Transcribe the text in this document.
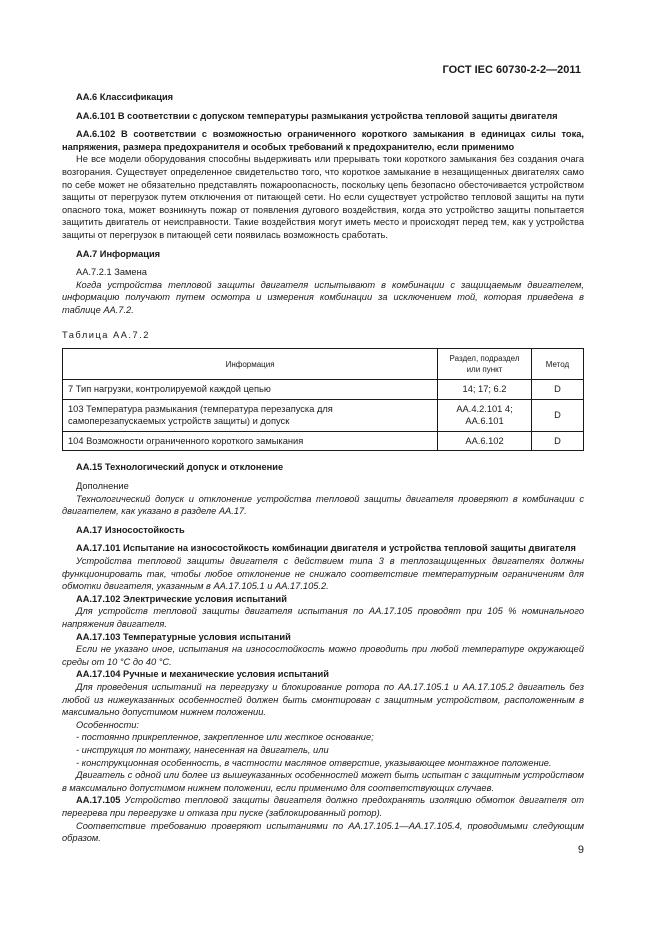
ГОСТ IEC 60730-2-2—2011

АА.6 Классификация

АА.6.101 В соответствии с допуском температуры размыкания устройства тепловой защиты двигателя

АА.6.102 В соответствии с возможностью ограниченного короткого замыкания в единицах силы тока, напряжения, размера предохранителя и особых требований к предохранителю, если применимо

Не все модели оборудования способны выдерживать или прерывать токи короткого замыкания без создания очага возгорания. Существует определенное свидетельство того, что короткое замыкание в незащищенных двигателях само по себе может не обязательно представлять пожароопасность, поскольку цепь безопасно обесточивается устройством защиты от перегрузок путем отключения от питающей сети. Но если существует устройство тепловой защиты на пути опасного тока, может возникнуть пожар от появления дугового воздействия, когда это устройство защиты попытается защитить двигатель от неисправности. Такие воздействия могут иметь место и происходят перед тем, как у устройства защиты от перегрузок в питающей сети появилась возможность сработать.

АА.7 Информация

АА.7.2.1 Замена

Когда устройства тепловой защиты двигателя испытывают в комбинации с защищаемым двигателем, информацию получают путем осмотра и измерения комбинации за исключением той, которая приведена в таблице АА.7.2.

Таблица АА.7.2

Информация	Раздел, подраздел или пункт	Метод
7 Тип нагрузки, контролируемой каждой цепью	14; 17; 6.2	D
103 Температура размыкания (температура перезапуска для самоперезапускаемых устройств защиты) и допуск	АА.4.2.101 4; АА.6.101	D
104 Возможности ограниченного короткого замыкания	АА.6.102	D

АА.15 Технологический допуск и отклонение

Дополнение

Технологический допуск и отклонение устройства тепловой защиты двигателя проверяют в комбинации с двигателем, как указано в разделе АА.17.

АА.17 Износостойкость

АА.17.101 Испытание на износостойкость комбинации двигателя и устройства тепловой защиты двигателя

Устройства тепловой защиты двигателя с действием типа 3 в теплозащищенных двигателях должны функционировать так, чтобы любое отклонение не снижало соответствие температурным ограничениям для обмотки двигателя, указанным в АА.17.105.1 и АА.17.105.2.

АА.17.102 Электрические условия испытаний

Для устройств тепловой защиты двигателя испытания по АА.17.105 проводят при 105 % номинального напряжения двигателя.

АА.17.103 Температурные условия испытаний

Если не указано иное, испытания на износостойкость можно проводить при любой температуре окружающей среды от 10 °С до 40 °С.

АА.17.104 Ручные и механические условия испытаний

Для проведения испытаний на перегрузку и блокирование ротора по АА.17.105.1 и АА.17.105.2 двигатель без любой из нижеуказанных особенностей должен быть смонтирован с защитным устройством, расположенным в максимально допустимом нижнем положении.

Особенности:

- постоянно прикрепленное, закрепленное или жесткое основание;

- инструкция по монтажу, нанесенная на двигатель, или

- конструкционная особенность, в частности масляное отверстие, указывающее монтажное положение.

Двигатель с одной или более из вышеуказанных особенностей может быть испытан с защитным устройством в максимально допустимом нижнем положении, если применимо для соответствующих случаев.

АА.17.105 Устройство тепловой защиты двигателя должно предохранять изоляцию обмоток двигателя от перегрева при перегрузке и отказа при пуске (заблокированный ротор).

Соответствие требованию проверяют испытаниями по АА.17.105.1—АА.17.105.4, проводимыми следующим образом.

9
